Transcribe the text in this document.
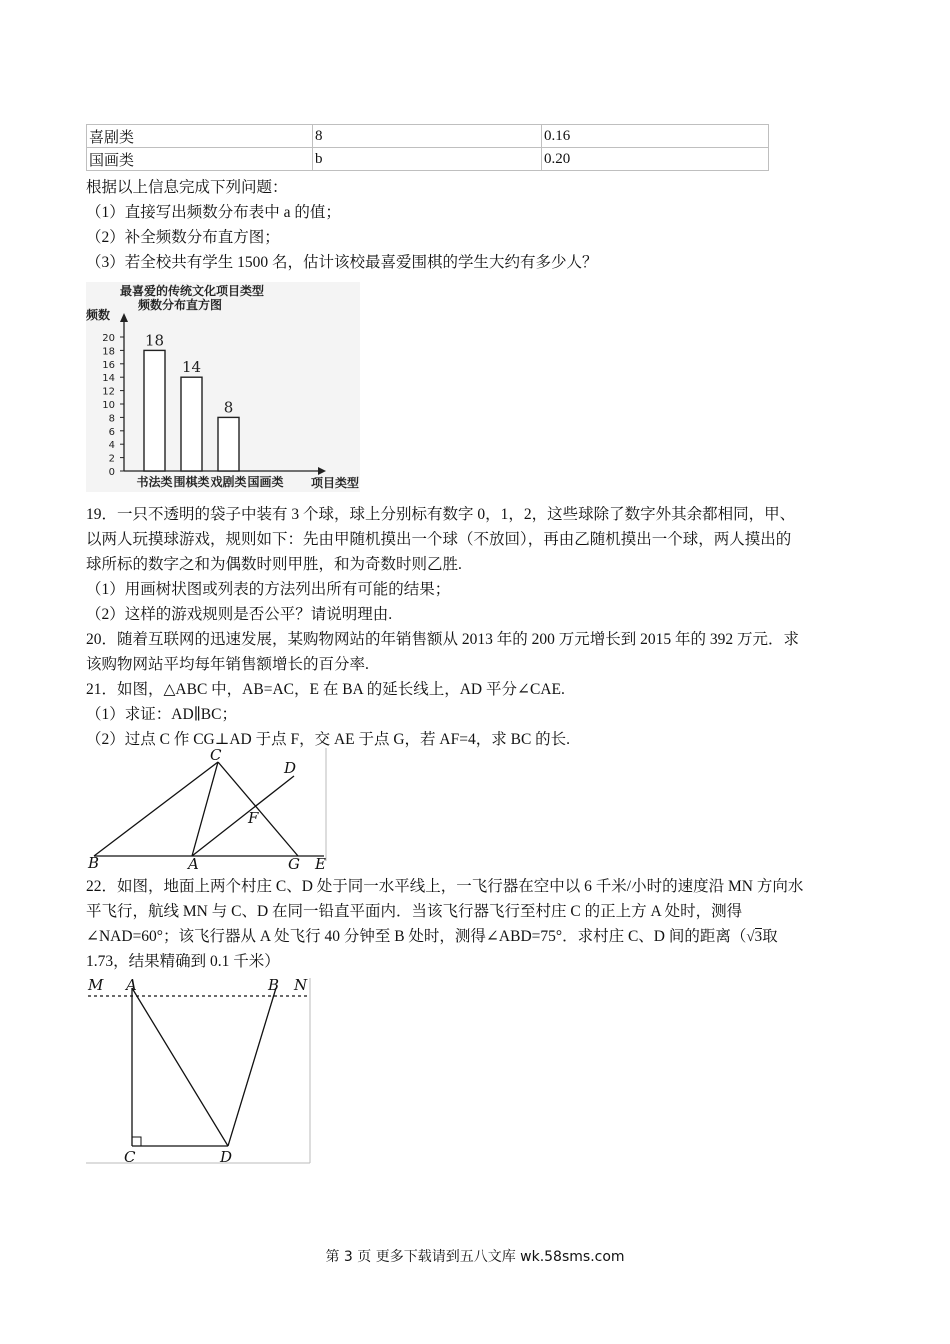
喜剧类	8	0.16
国画类	b	0.20
根据以上信息完成下列问题：
（1）直接写出频数分布表中 a 的值；
（2）补全频数分布直方图；
（3）若全校共有学生 1500 名，估计该校最喜爱围棋的学生大约有多少人？
最喜爱的传统文化项目类型
频数分布直方图
频数
20
18
16
14
12
10
8
6
4
2
0
18
书法类
14
围棋类
8
戏剧类 国画类 项目类型
19．一只不透明的袋子中装有 3 个球，球上分别标有数字 0，1，2，这些球除了数字外其余都相同，甲、
以两人玩摸球游戏，规则如下：先由甲随机摸出一个球（不放回），再由乙随机摸出一个球，两人摸出的
球所标的数字之和为偶数时则甲胜，和为奇数时则乙胜.
（1）用画树状图或列表的方法列出所有可能的结果；
（2）这样的游戏规则是否公平？请说明理由.
20．随着互联网的迅速发展，某购物网站的年销售额从 2013 年的 200 万元增长到 2015 年的 392 万元．求
该购物网站平均每年销售额增长的百分率.
21．如图，△ABC 中，AB=AC，E 在 BA 的延长线上，AD 平分∠CAE.
（1）求证：AD∥BC；
（2）过点 C 作 CG⊥AD 于点 F，交 AE 于点 G，若 AF=4，求 BC 的长.
C
D
F
B	A	G E
22．如图，地面上两个村庄 C、D 处于同一水平线上，一飞行器在空中以 6 千米/小时的速度沿 MN 方向水
平飞行，航线 MN 与 C、D 在同一铅直平面内．当该飞行器飞行至村庄 C 的正上方 A 处时，测得
∠NAD=60°；该飞行器从 A 处飞行 40 分钟至 B 处时，测得∠ABD=75°．求村庄 C、D 间的距离（√3取
1.73，结果精确到 0.1 千米）
M A	B N
C	D
第 3 页 更多下载请到五八文库 wk.58sms.com
